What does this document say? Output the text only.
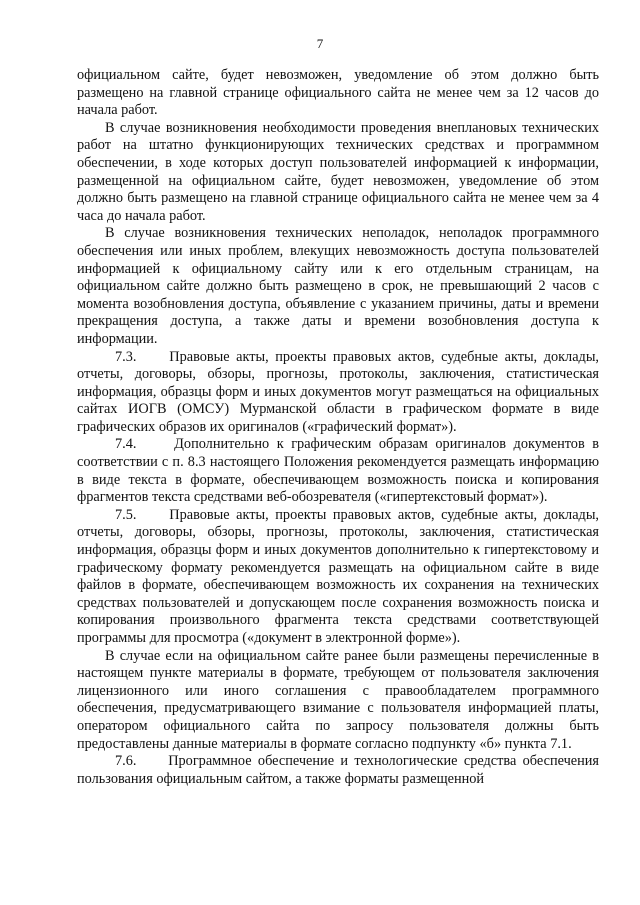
7

официальном сайте, будет невозможен, уведомление об этом должно быть размещено на главной странице официального сайта не менее чем за 12 часов до начала работ.

В случае возникновения необходимости проведения внеплановых технических работ на штатно функционирующих технических средствах и программном обеспечении, в ходе которых доступ пользователей информацией к информации, размещенной на официальном сайте, будет невозможен, уведомление об этом должно быть размещено на главной странице официального сайта не менее чем за 4 часа до начала работ.

В случае возникновения технических неполадок, неполадок программного обеспечения или иных проблем, влекущих невозможность доступа пользователей информацией к официальному сайту или к его отдельным страницам, на официальном сайте должно быть размещено в срок, не превышающий 2 часов с момента возобновления доступа, объявление с указанием причины, даты и времени прекращения доступа, а также даты и времени возобновления доступа к информации.

7.3.     Правовые акты, проекты правовых актов, судебные акты, доклады, отчеты, договоры, обзоры, прогнозы, протоколы, заключения, статистическая информация, образцы форм и иных документов могут размещаться на официальных сайтах ИОГВ (ОМСУ) Мурманской области в графическом формате в виде графических образов их оригиналов («графический формат»).

7.4.     Дополнительно к графическим образам оригиналов документов в соответствии с п. 8.3 настоящего Положения рекомендуется размещать информацию в виде текста в формате, обеспечивающем возможность поиска и копирования фрагментов текста средствами веб-обозревателя («гипертекстовый формат»).

7.5.     Правовые акты, проекты правовых актов, судебные акты, доклады, отчеты, договоры, обзоры, прогнозы, протоколы, заключения, статистическая информация, образцы форм и иных документов дополнительно к гипертекстовому и графическому формату рекомендуется размещать на официальном сайте в виде файлов в формате, обеспечивающем возможность их сохранения на технических средствах пользователей и допускающем после сохранения возможность поиска и копирования произвольного фрагмента текста средствами соответствующей программы для просмотра («документ в электронной форме»).

В случае если на официальном сайте ранее были размещены перечисленные в настоящем пункте материалы в формате, требующем от пользователя заключения лицензионного или иного соглашения с правообладателем программного обеспечения, предусматривающего взимание с пользователя информацией платы, оператором официального сайта по запросу пользователя должны быть предоставлены данные материалы в формате согласно подпункту «б» пункта 7.1.

7.6.     Программное обеспечение и технологические средства обеспечения пользования официальным сайтом, а также форматы размещенной
